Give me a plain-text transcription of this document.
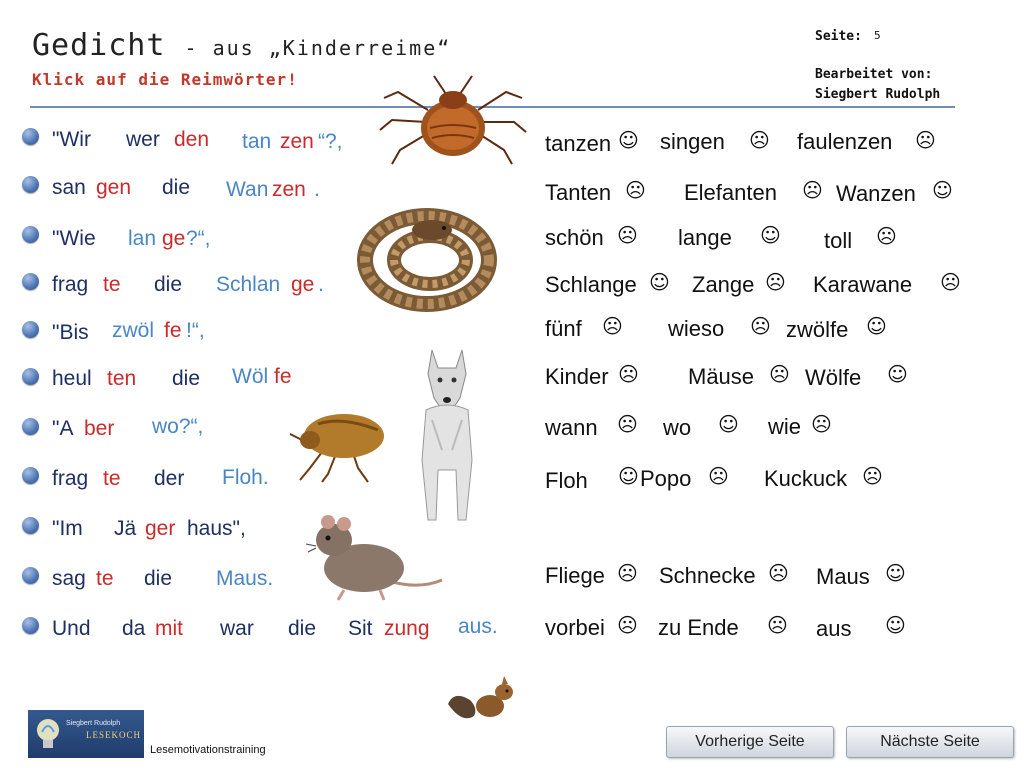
Gedicht - aus „Kinderreime“
Klick auf die Reimwörter!
Seite: 5
Bearbeitet von:
Siegbert Rudolph
"Wir wer den tan zen “?,
san gen die Wan zen .
"Wie lan ge ?“,
frag te die Schlan ge .
"Bis zwöl fe !“,
heul ten die Wöl fe
"A ber wo?“,
frag te der Floh.
"Im Jä ger haus",
sag te die Maus.
Und da mit war die Sit zung aus.
tanzen ☺ singen ☹ faulenzen ☹
Tanten ☹ Elefanten ☹ Wanzen ☺
schön ☹ lange ☺ toll ☹
Schlange ☺ Zange ☹ Karawane ☹
fünf ☹ wieso ☹ zwölfe ☺
Kinder ☹ Mäuse ☹ Wölfe ☺
wann ☹ wo ☺ wie ☹
Floh ☺ Popo ☹ Kuckuck ☹
Fliege ☹ Schnecke ☹ Maus ☺
vorbei ☹ zu Ende ☹ aus ☺
Siegbert Rudolph
LESEKOCH
Lesemotivationstraining	Vorherige Seite	Nächste Seite
